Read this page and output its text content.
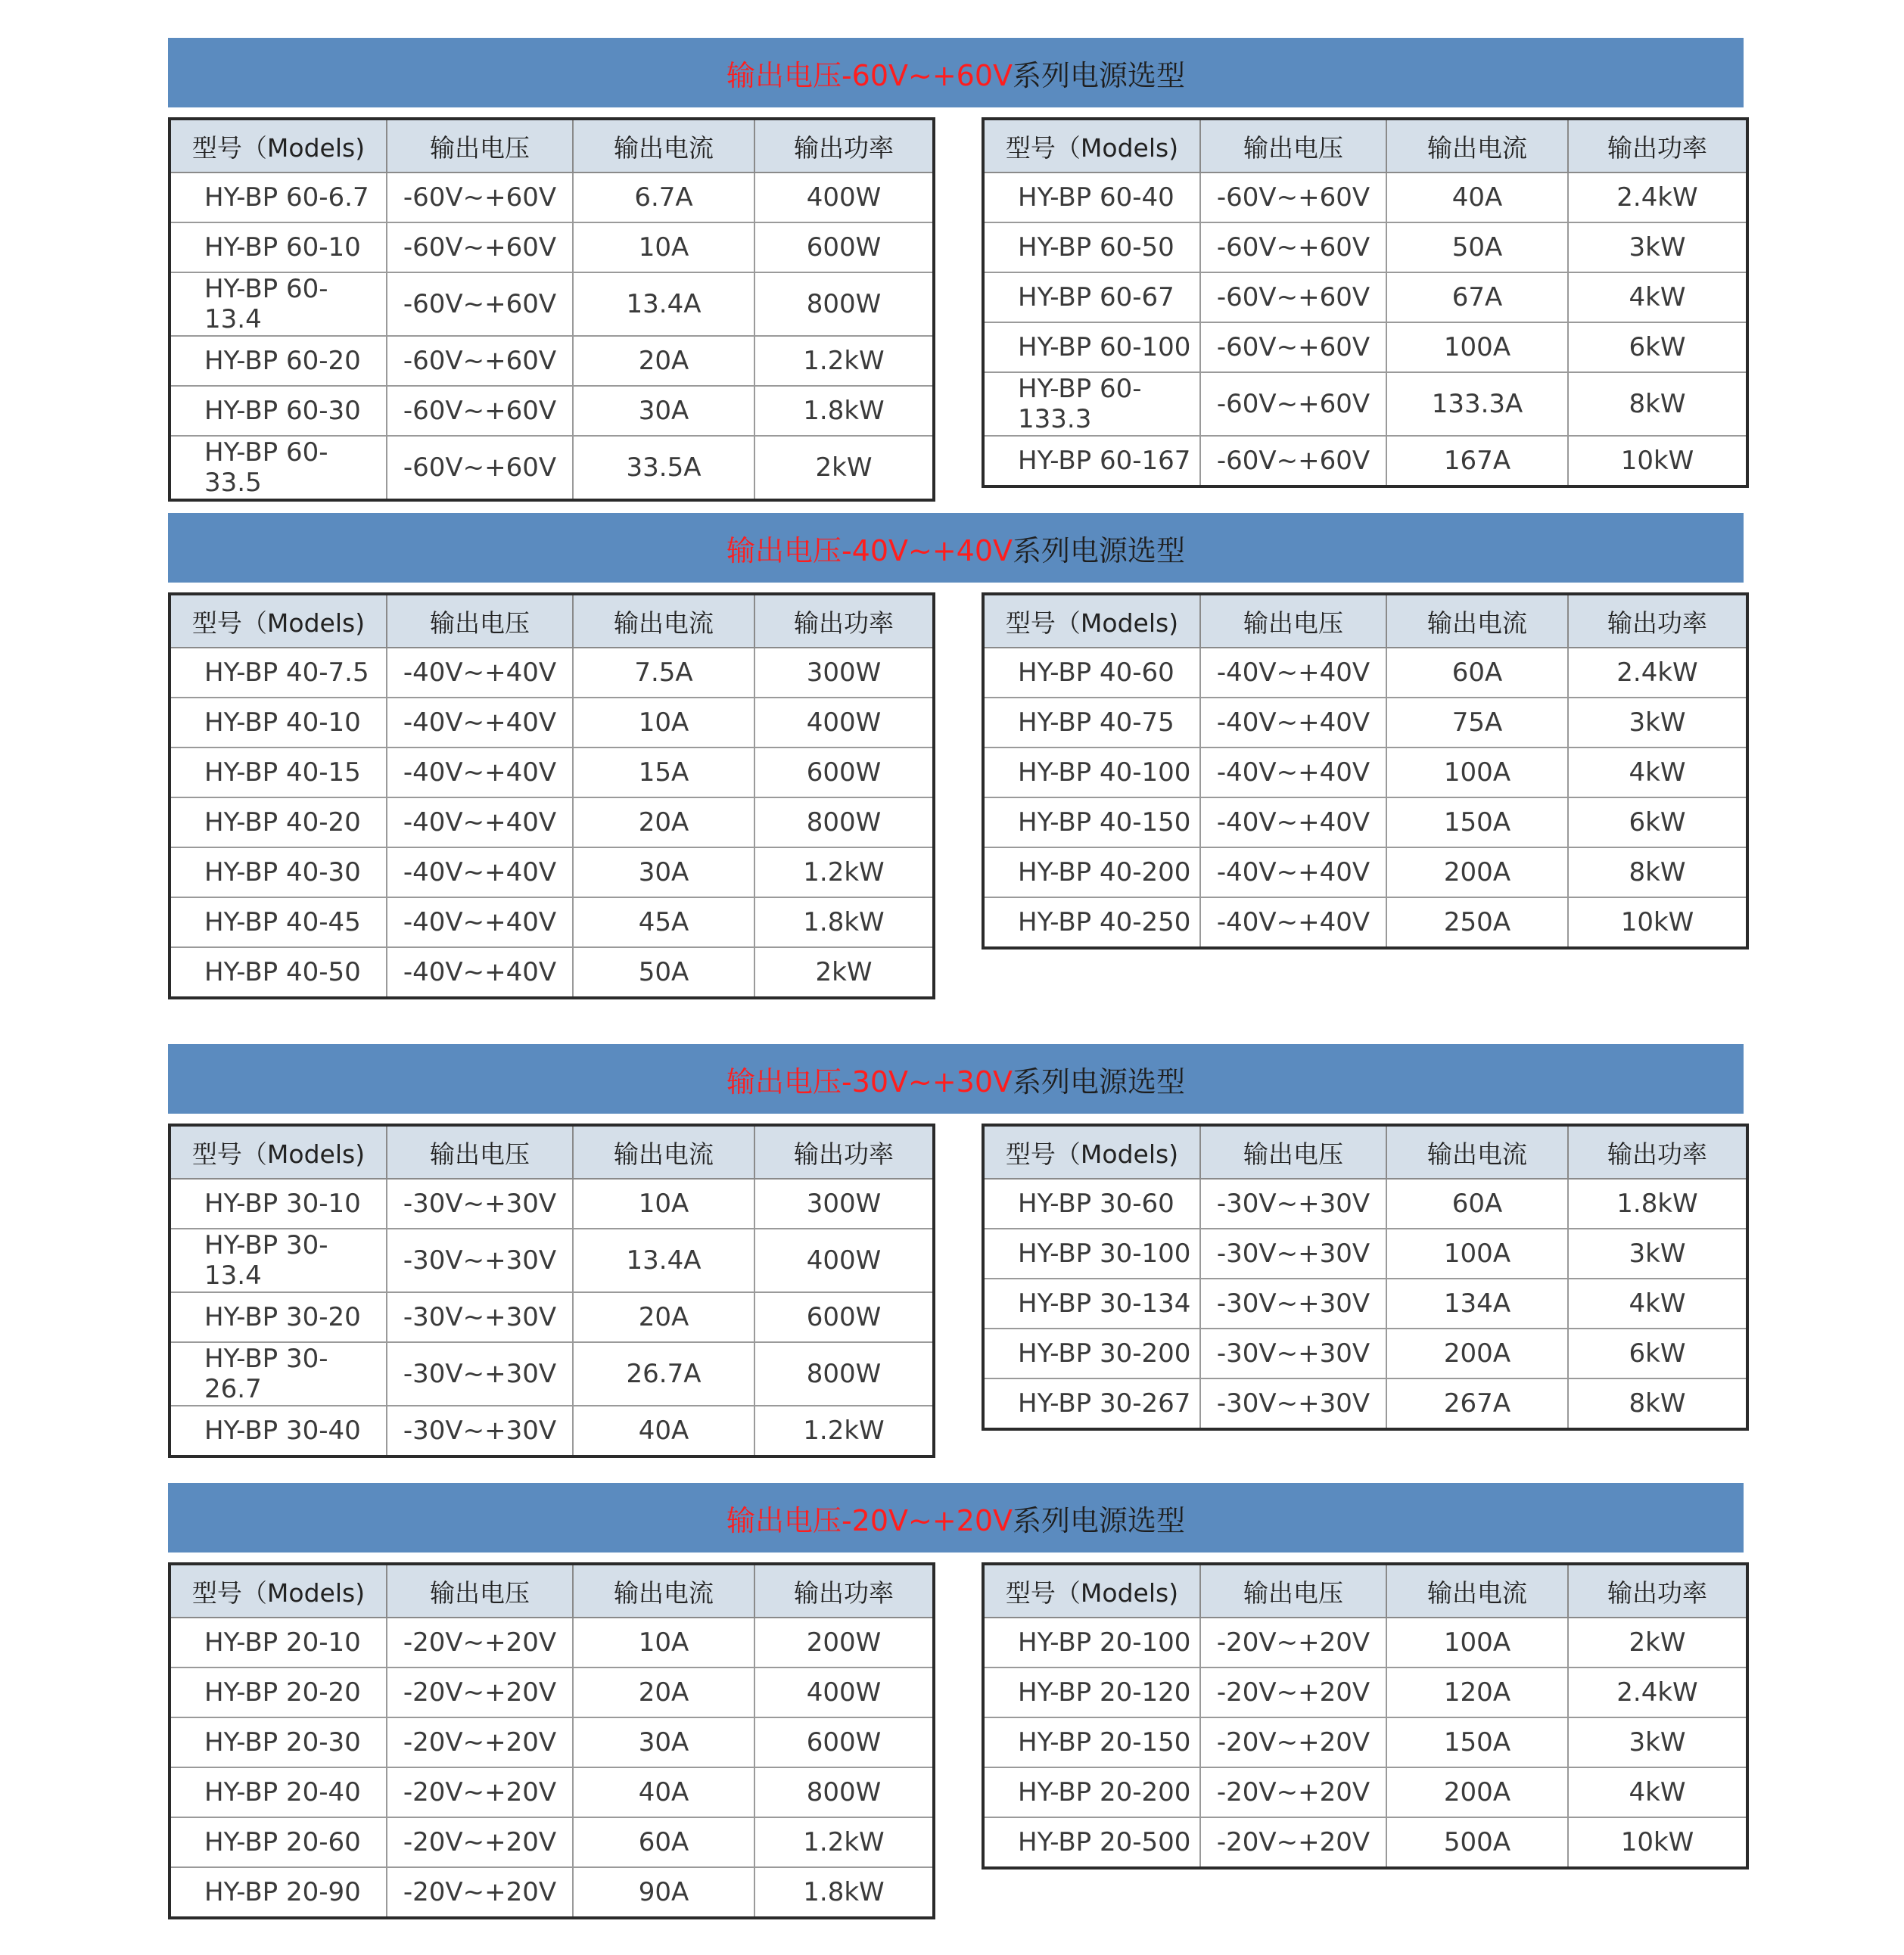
输出电压-60V~+60V 系列电源选型
型号（Models)	输出电压	输出电流	输出功率
HY-BP 60-6.7	-60V~+60V	6.7A	400W
HY-BP 60-10	-60V~+60V	10A	600W
HY-BP 60-13.4	-60V~+60V	13.4A	800W
HY-BP 60-20	-60V~+60V	20A	1.2kW
HY-BP 60-30	-60V~+60V	30A	1.8kW
HY-BP 60-33.5	-60V~+60V	33.5A	2kW
型号（Models)	输出电压	输出电流	输出功率
HY-BP 60-40	-60V~+60V	40A	2.4kW
HY-BP 60-50	-60V~+60V	50A	3kW
HY-BP 60-67	-60V~+60V	67A	4kW
HY-BP 60-100	-60V~+60V	100A	6kW
HY-BP 60-133.3	-60V~+60V	133.3A	8kW
HY-BP 60-167	-60V~+60V	167A	10kW
输出电压-40V~+40V 系列电源选型
型号（Models)	输出电压	输出电流	输出功率
HY-BP 40-7.5	-40V~+40V	7.5A	300W
HY-BP 40-10	-40V~+40V	10A	400W
HY-BP 40-15	-40V~+40V	15A	600W
HY-BP 40-20	-40V~+40V	20A	800W
HY-BP 40-30	-40V~+40V	30A	1.2kW
HY-BP 40-45	-40V~+40V	45A	1.8kW
HY-BP 40-50	-40V~+40V	50A	2kW
型号（Models)	输出电压	输出电流	输出功率
HY-BP 40-60	-40V~+40V	60A	2.4kW
HY-BP 40-75	-40V~+40V	75A	3kW
HY-BP 40-100	-40V~+40V	100A	4kW
HY-BP 40-150	-40V~+40V	150A	6kW
HY-BP 40-200	-40V~+40V	200A	8kW
HY-BP 40-250	-40V~+40V	250A	10kW
输出电压-30V~+30V 系列电源选型
型号（Models)	输出电压	输出电流	输出功率
HY-BP 30-10	-30V~+30V	10A	300W
HY-BP 30-13.4	-30V~+30V	13.4A	400W
HY-BP 30-20	-30V~+30V	20A	600W
HY-BP 30-26.7	-30V~+30V	26.7A	800W
HY-BP 30-40	-30V~+30V	40A	1.2kW
型号（Models)	输出电压	输出电流	输出功率
HY-BP 30-60	-30V~+30V	60A	1.8kW
HY-BP 30-100	-30V~+30V	100A	3kW
HY-BP 30-134	-30V~+30V	134A	4kW
HY-BP 30-200	-30V~+30V	200A	6kW
HY-BP 30-267	-30V~+30V	267A	8kW
输出电压-20V~+20V 系列电源选型
型号（Models)	输出电压	输出电流	输出功率
HY-BP 20-10	-20V~+20V	10A	200W
HY-BP 20-20	-20V~+20V	20A	400W
HY-BP 20-30	-20V~+20V	30A	600W
HY-BP 20-40	-20V~+20V	40A	800W
HY-BP 20-60	-20V~+20V	60A	1.2kW
HY-BP 20-90	-20V~+20V	90A	1.8kW
型号（Models)	输出电压	输出电流	输出功率
HY-BP 20-100	-20V~+20V	100A	2kW
HY-BP 20-120	-20V~+20V	120A	2.4kW
HY-BP 20-150	-20V~+20V	150A	3kW
HY-BP 20-200	-20V~+20V	200A	4kW
HY-BP 20-500	-20V~+20V	500A	10kW
